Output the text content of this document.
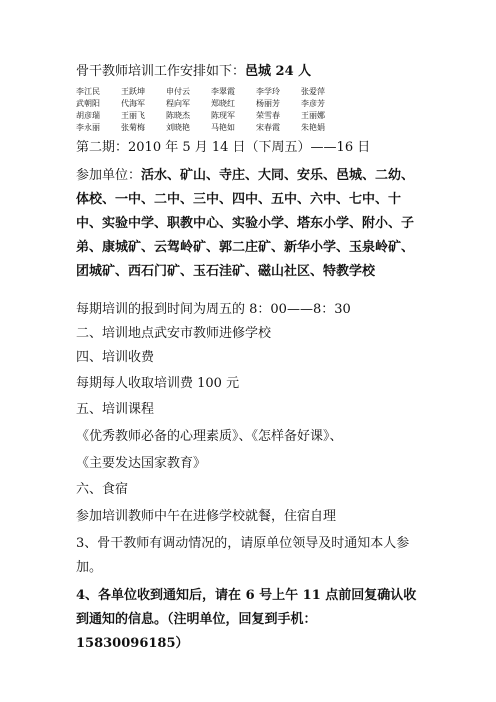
骨干教师培训工作安排如下：邑城 24 人
李江民	王跃坤	申付云	李翠霞	李学玲	张爱萍
武朝阳	代海军	程向军	郑晓红	杨丽芳	李彦芳
胡彦瑞	王丽飞	陈晓杰	陈现军	荣雪春	王丽娜
李永丽	张菊梅	刘晓艳	马艳如	宋春霞	朱艳娟
第二期：2010 年 5 月 14 日（下周五）——16 日
参加单位：活水、矿山、寺庄、大同、安乐、邑城、二幼、体校、一中、二中、三中、四中、五中、六中、七中、十中、实验中学、职教中心、实验小学、塔东小学、附小、子弟、康城矿、云驾岭矿、郭二庄矿、新华小学、玉泉岭矿、团城矿、西石门矿、玉石洼矿、磁山社区、特教学校
每期培训的报到时间为周五的 8：00——8：30
二、培训地点武安市教师进修学校
四、培训收费
每期每人收取培训费 100 元
五、培训课程
《优秀教师必备的心理素质》、《怎样备好课》、
《主要发达国家教育》
六、食宿
参加培训教师中午在进修学校就餐，住宿自理
3、骨干教师有调动情况的，请原单位领导及时通知本人参加。
4、各单位收到通知后，请在 6 号上午 11 点前回复确认收到通知的信息。（注明单位，回复到手机：15830096185）
